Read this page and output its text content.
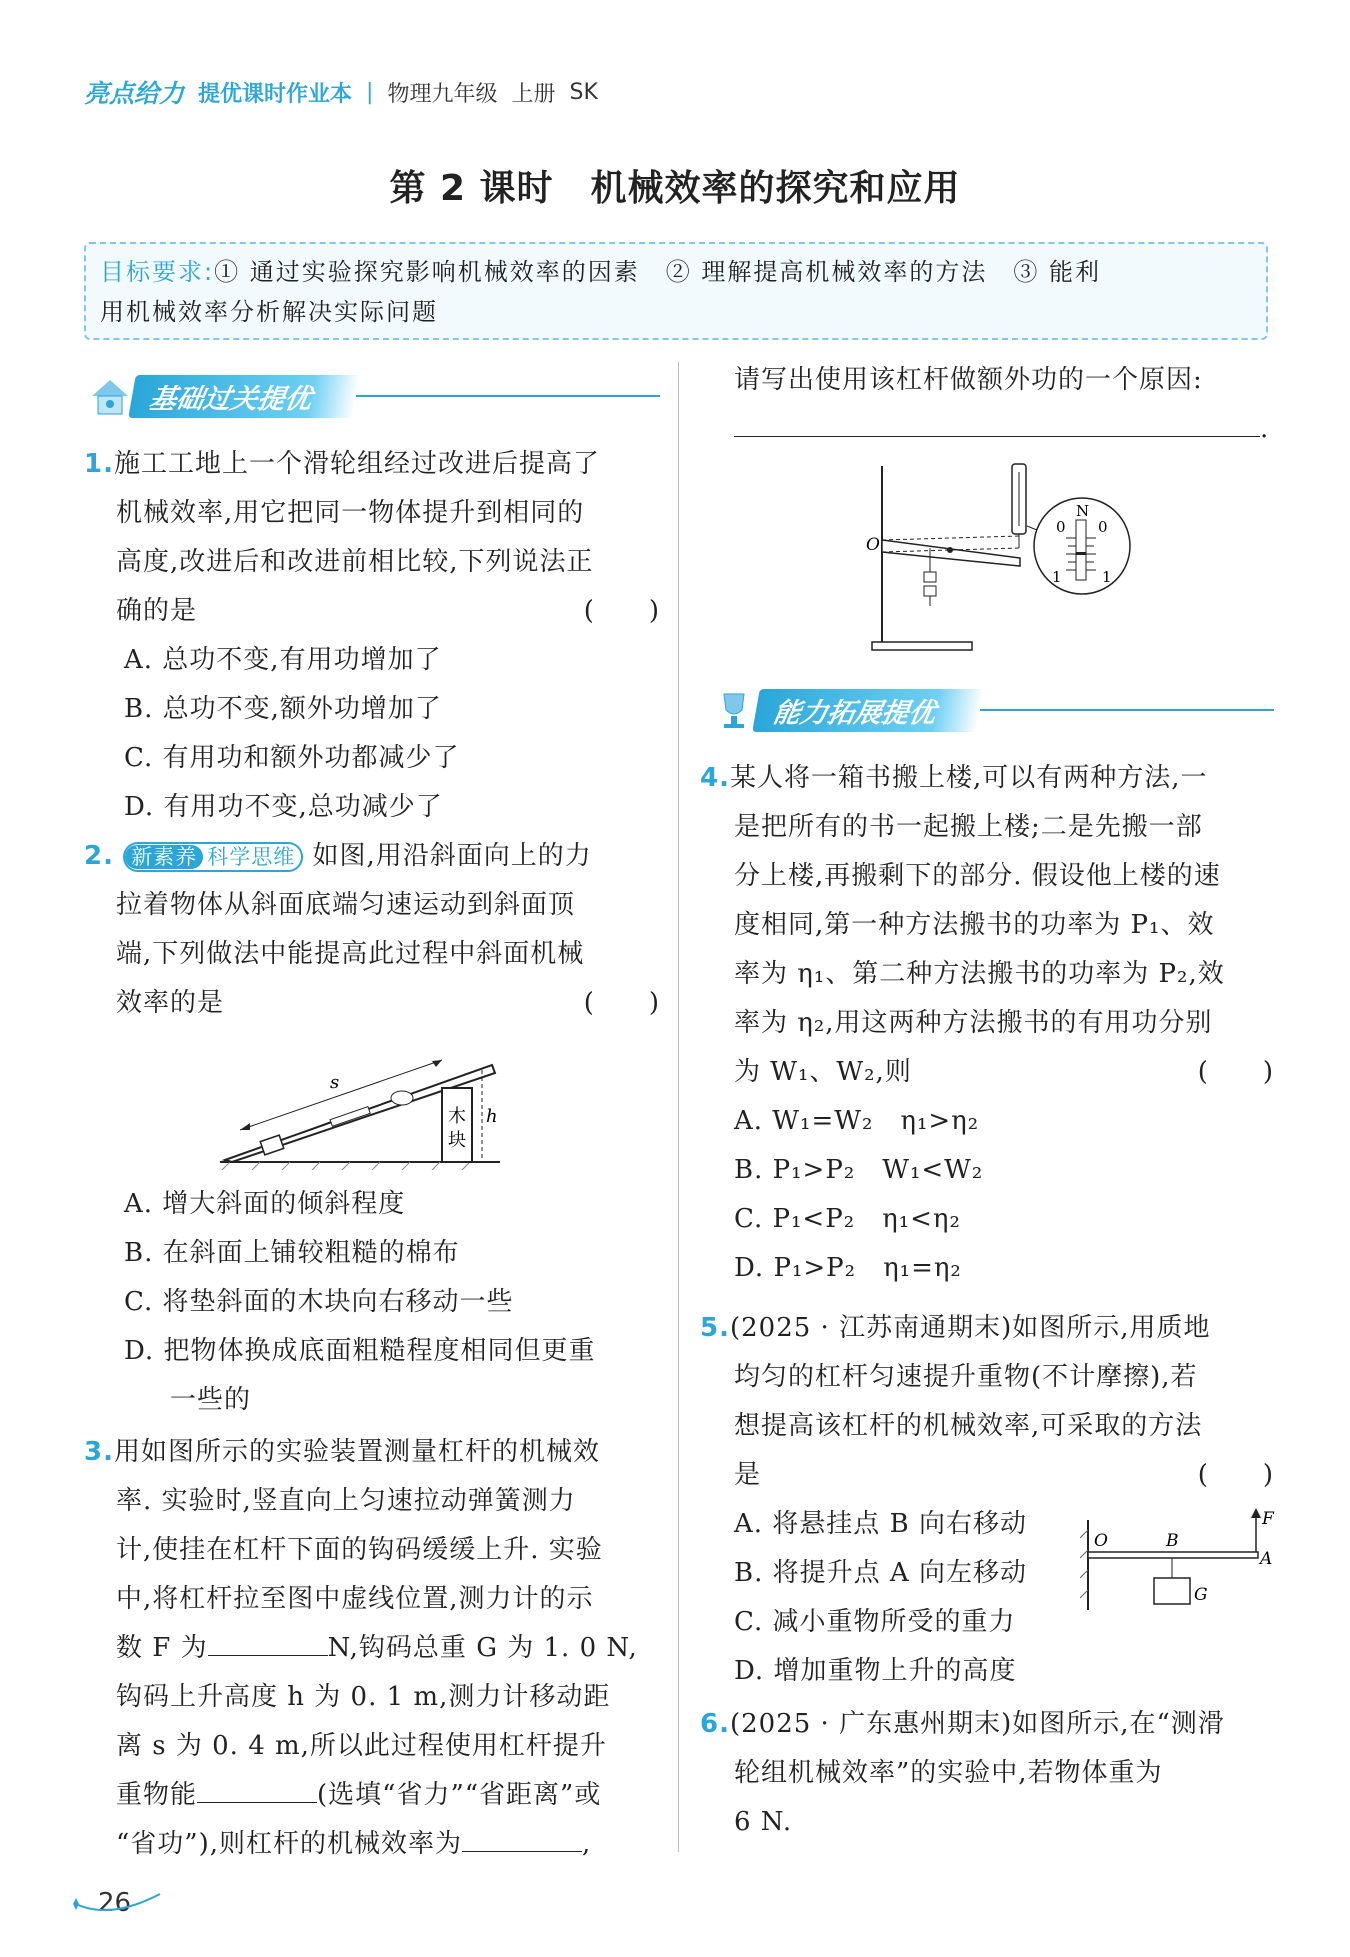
亮点给力 提优课时作业本 | 物理九年级 上册 SK
第 2 课时　机械效率的探究和应用
目标要求:① 通过实验探究影响机械效率的因素　② 理解提高机械效率的方法　③ 能利
用机械效率分析解决实际问题
基础过关提优
1.施工工地上一个滑轮组经过改进后提高了
机械效率,用它把同一物体提升到相同的
高度,改进后和改进前相比较,下列说法正
确的是	(　　)
A. 总功不变,有用功增加了
B. 总功不变,额外功增加了
C. 有用功和额外功都减少了
D. 有用功不变,总功减少了
2. 新素养 科学思维 如图,用沿斜面向上的力
拉着物体从斜面底端匀速运动到斜面顶
端,下列做法中能提高此过程中斜面机械
效率的是	(　　)
木
块
h
s
A. 增大斜面的倾斜程度
B. 在斜面上铺较粗糙的棉布
C. 将垫斜面的木块向右移动一些
D. 把物体换成底面粗糙程度相同但更重
一些的
3.用如图所示的实验装置测量杠杆的机械效
率. 实验时,竖直向上匀速拉动弹簧测力
计,使挂在杠杆下面的钩码缓缓上升. 实验
中,将杠杆拉至图中虚线位置,测力计的示
数 F 为	N,钩码总重 G 为 1. 0 N,
钩码上升高度 h 为 0. 1 m,测力计移动距
离 s 为 0. 4 m,所以此过程使用杠杆提升
重物能	(选填“省力”“省距离”或
“省功”),则杠杆的机械效率为	,
26
请写出使用该杠杆做额外功的一个原因:
.
O
N
0 0
1	1
能力拓展提优
4.某人将一箱书搬上楼,可以有两种方法,一
是把所有的书一起搬上楼;二是先搬一部
分上楼,再搬剩下的部分. 假设他上楼的速
度相同,第一种方法搬书的功率为 P₁、效
率为 η₁、第二种方法搬书的功率为 P₂,效
率为 η₂,用这两种方法搬书的有用功分别
为 W₁、W₂,则	(　　)
A. W₁=W₂　η₁>η₂
B. P₁>P₂　W₁<W₂
C. P₁<P₂　η₁<η₂
D. P₁>P₂　η₁=η₂
5.(2025 · 江苏南通期末)如图所示,用质地
均匀的杠杆匀速提升重物(不计摩擦),若
想提高该杠杆的机械效率,可采取的方法
是	(　　)
A. 将悬挂点 B 向右移动
B. 将提升点 A 向左移动
C. 减小重物所受的重力
D. 增加重物上升的高度
O	B
A
F
G
6.(2025 · 广东惠州期末)如图所示,在“测滑
轮组机械效率”的实验中,若物体重为
6 N.
